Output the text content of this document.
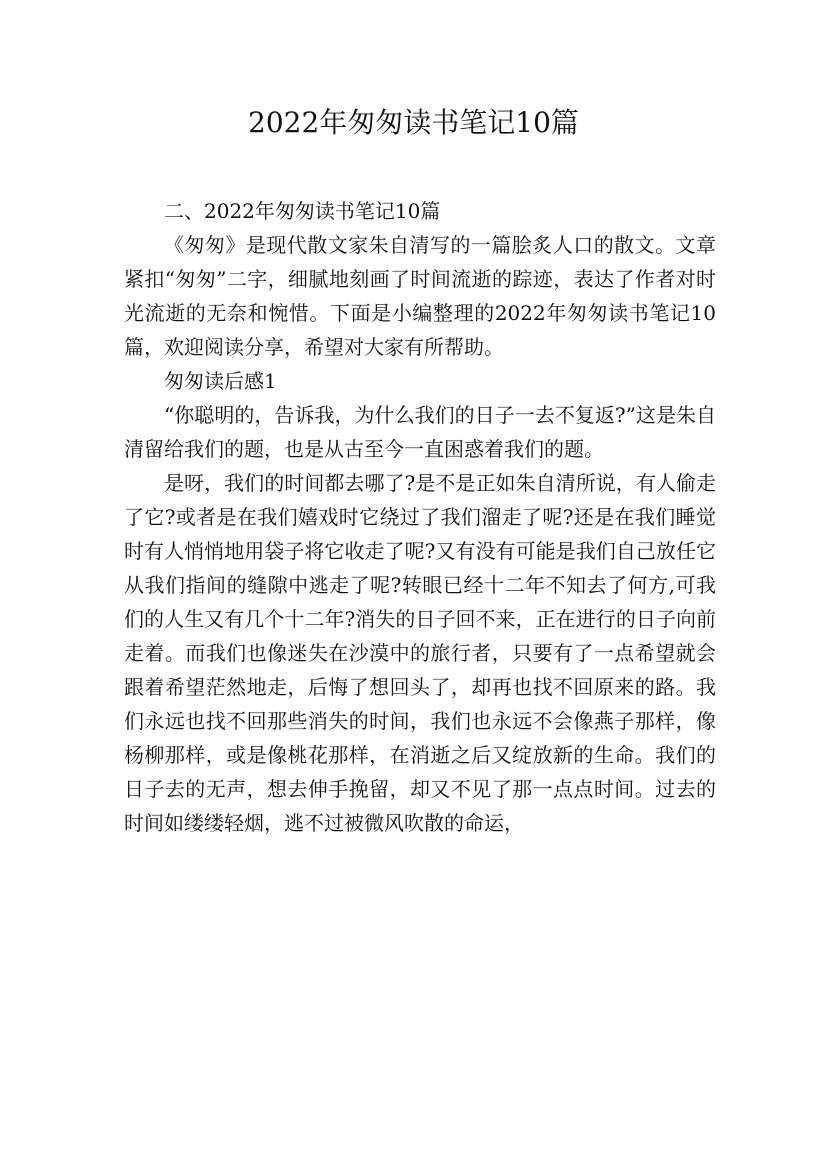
2022年匆匆读书笔记10篇

二、2022年匆匆读书笔记10篇

《匆匆》是现代散文家朱自清写的一篇脍炙人口的散文。文章紧扣“匆匆”二字，细腻地刻画了时间流逝的踪迹，表达了作者对时光流逝的无奈和惋惜。下面是小编整理的2022年匆匆读书笔记10篇，欢迎阅读分享，希望对大家有所帮助。

匆匆读后感1

“你聪明的，告诉我，为什么我们的日子一去不复返?”这是朱自清留给我们的题，也是从古至今一直困惑着我们的题。

是呀，我们的时间都去哪了?是不是正如朱自清所说，有人偷走了它?或者是在我们嬉戏时它绕过了我们溜走了呢?还是在我们睡觉时有人悄悄地用袋子将它收走了呢?又有没有可能是我们自己放任它从我们指间的缝隙中逃走了呢?转眼已经十二年不知去了何方,可我们的人生又有几个十二年?消失的日子回不来，正在进行的日子向前走着。而我们也像迷失在沙漠中的旅行者，只要有了一点希望就会跟着希望茫然地走，后悔了想回头了，却再也找不回原来的路。我们永远也找不回那些消失的时间，我们也永远不会像燕子那样，像杨柳那样，或是像桃花那样，在消逝之后又绽放新的生命。我们的日子去的无声，想去伸手挽留，却又不见了那一点点时间。过去的时间如缕缕轻烟，逃不过被微风吹散的命运，
